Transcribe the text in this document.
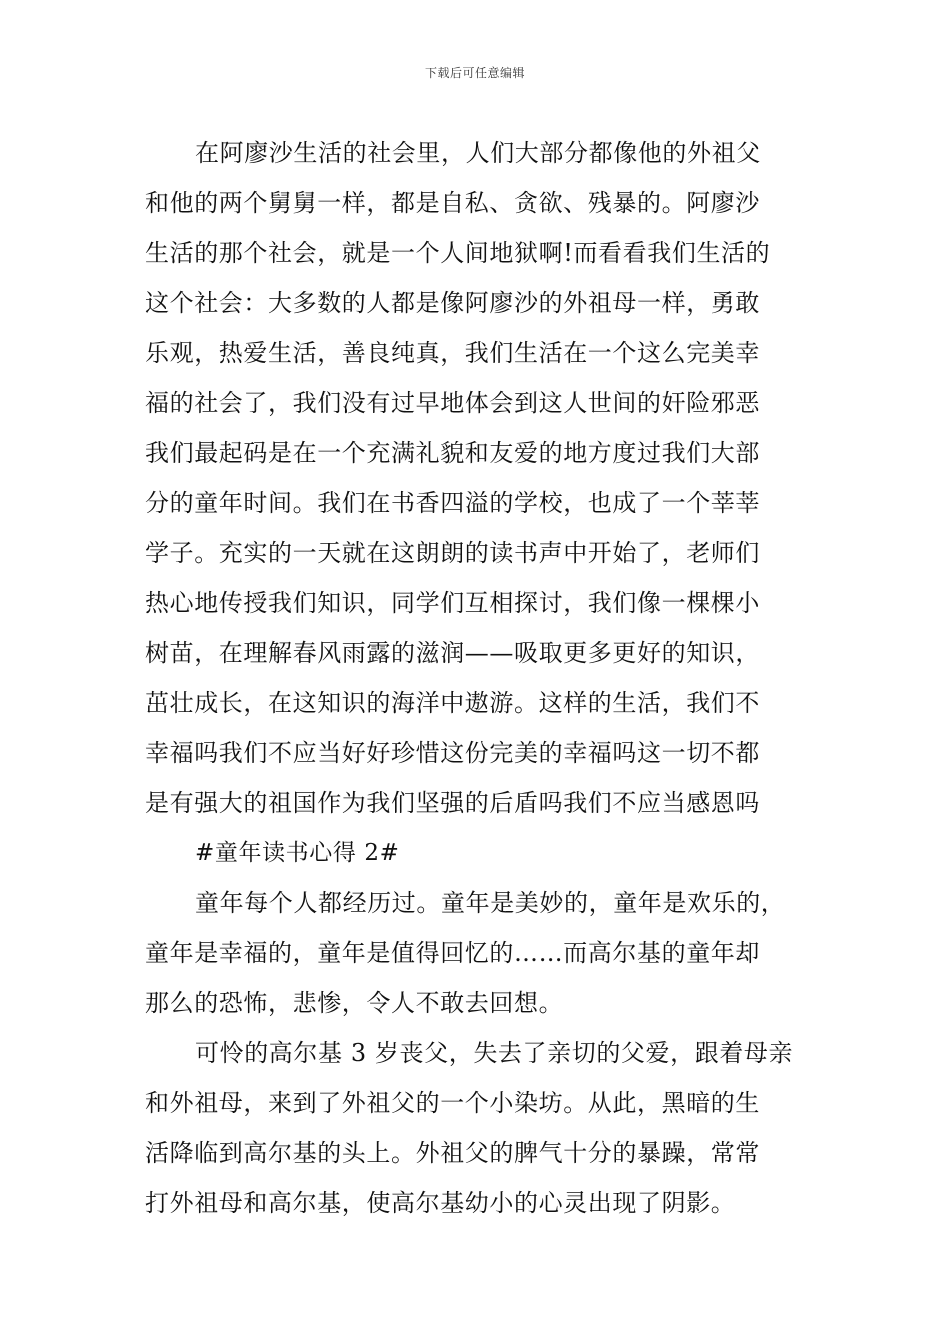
下载后可任意编辑
在阿廖沙生活的社会里，人们大部分都像他的外祖父
和他的两个舅舅一样，都是自私、贪欲、残暴的。阿廖沙
生活的那个社会，就是一个人间地狱啊!而看看我们生活的
这个社会：大多数的人都是像阿廖沙的外祖母一样，勇敢
乐观，热爱生活，善良纯真，我们生活在一个这么完美幸
福的社会了，我们没有过早地体会到这人世间的奸险邪恶
我们最起码是在一个充满礼貌和友爱的地方度过我们大部
分的童年时间。我们在书香四溢的学校，也成了一个莘莘
学子。充实的一天就在这朗朗的读书声中开始了，老师们
热心地传授我们知识，同学们互相探讨，我们像一棵棵小
树苗，在理解春风雨露的滋润——吸取更多更好的知识，
茁壮成长，在这知识的海洋中遨游。这样的生活，我们不
幸福吗我们不应当好好珍惜这份完美的幸福吗这一切不都
是有强大的祖国作为我们坚强的后盾吗我们不应当感恩吗
#童年读书心得 2#
童年每个人都经历过。童年是美妙的，童年是欢乐的，
童年是幸福的，童年是值得回忆的……而高尔基的童年却
那么的恐怖，悲惨，令人不敢去回想。
可怜的高尔基 3 岁丧父，失去了亲切的父爱，跟着母亲
和外祖母，来到了外祖父的一个小染坊。从此，黑暗的生
活降临到高尔基的头上。外祖父的脾气十分的暴躁，常常
打外祖母和高尔基，使高尔基幼小的心灵出现了阴影。
